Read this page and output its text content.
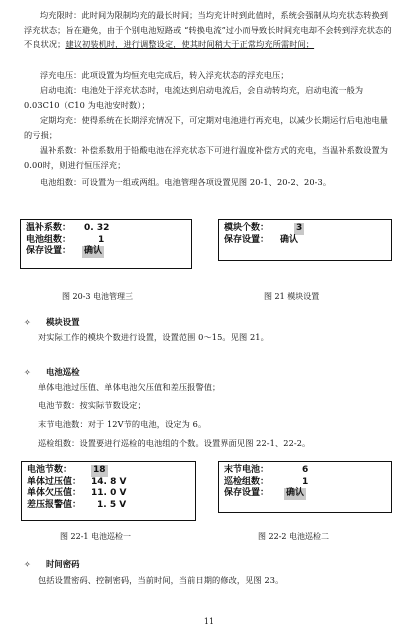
均充限时：此时间为限制均充的最长时间；当均充计时到此值时，系统会强制从均充状态转换到浮充状态；旨在避免，由于个别电池短路或 “转换电流”过小而导致长时间充电却不会转到浮充状态的不良状况；建议初装机时，进行调整设定，使其时间稍大于正常均充所需时间；
浮充电压：此项设置为均恒充电完成后，转入浮充状态的浮充电压；
启动电流：电池处于浮充状态时，电流达到启动电流后，会自动转均充，启动电流一般为0.03C10（C10 为电池安时数）；
定期均充：使得系统在长期浮充情况下，可定期对电池进行再充电，以减少长期运行后电池电量的亏损；
温补系数：补偿系数用于铅酸电池在浮充状态下可进行温度补偿方式的充电，当温补系数设置为 0.00时，则进行恒压浮充；
电池组数：可设置为一组或两组。电池管理各项设置见图 20-1、20-2、20-3。
温补系数：	0. 32
电池组数：	1
保存设置：	确认
图 20-3 电池管理三
模块个数：	3
保存设置：	确认
图 21 模块设置
✧ 模块设置
对实际工作的模块个数进行设置，设置范围 0～15。见图 21。
✧ 电池巡检
单体电池过压值、单体电池欠压值和差压报警值；
电池节数：按实际节数设定；
末节电池数：对于 12V节的电池，设定为 6。
巡检组数：设置要进行巡检的电池组的个数。设置界面见图 22-1、22-2。
电池节数：	18
单体过压值：	14. 8 V
单体欠压值：	11. 0 V
差压报警值：	1. 5 V
图 22-1 电池巡检一
末节电池：	6
巡检组数：	1
保存设置：	确认
图 22-2 电池巡检二
✧ 时间密码
包括设置密码、控制密码，当前时间，当前日期的修改，见图 23。
11
